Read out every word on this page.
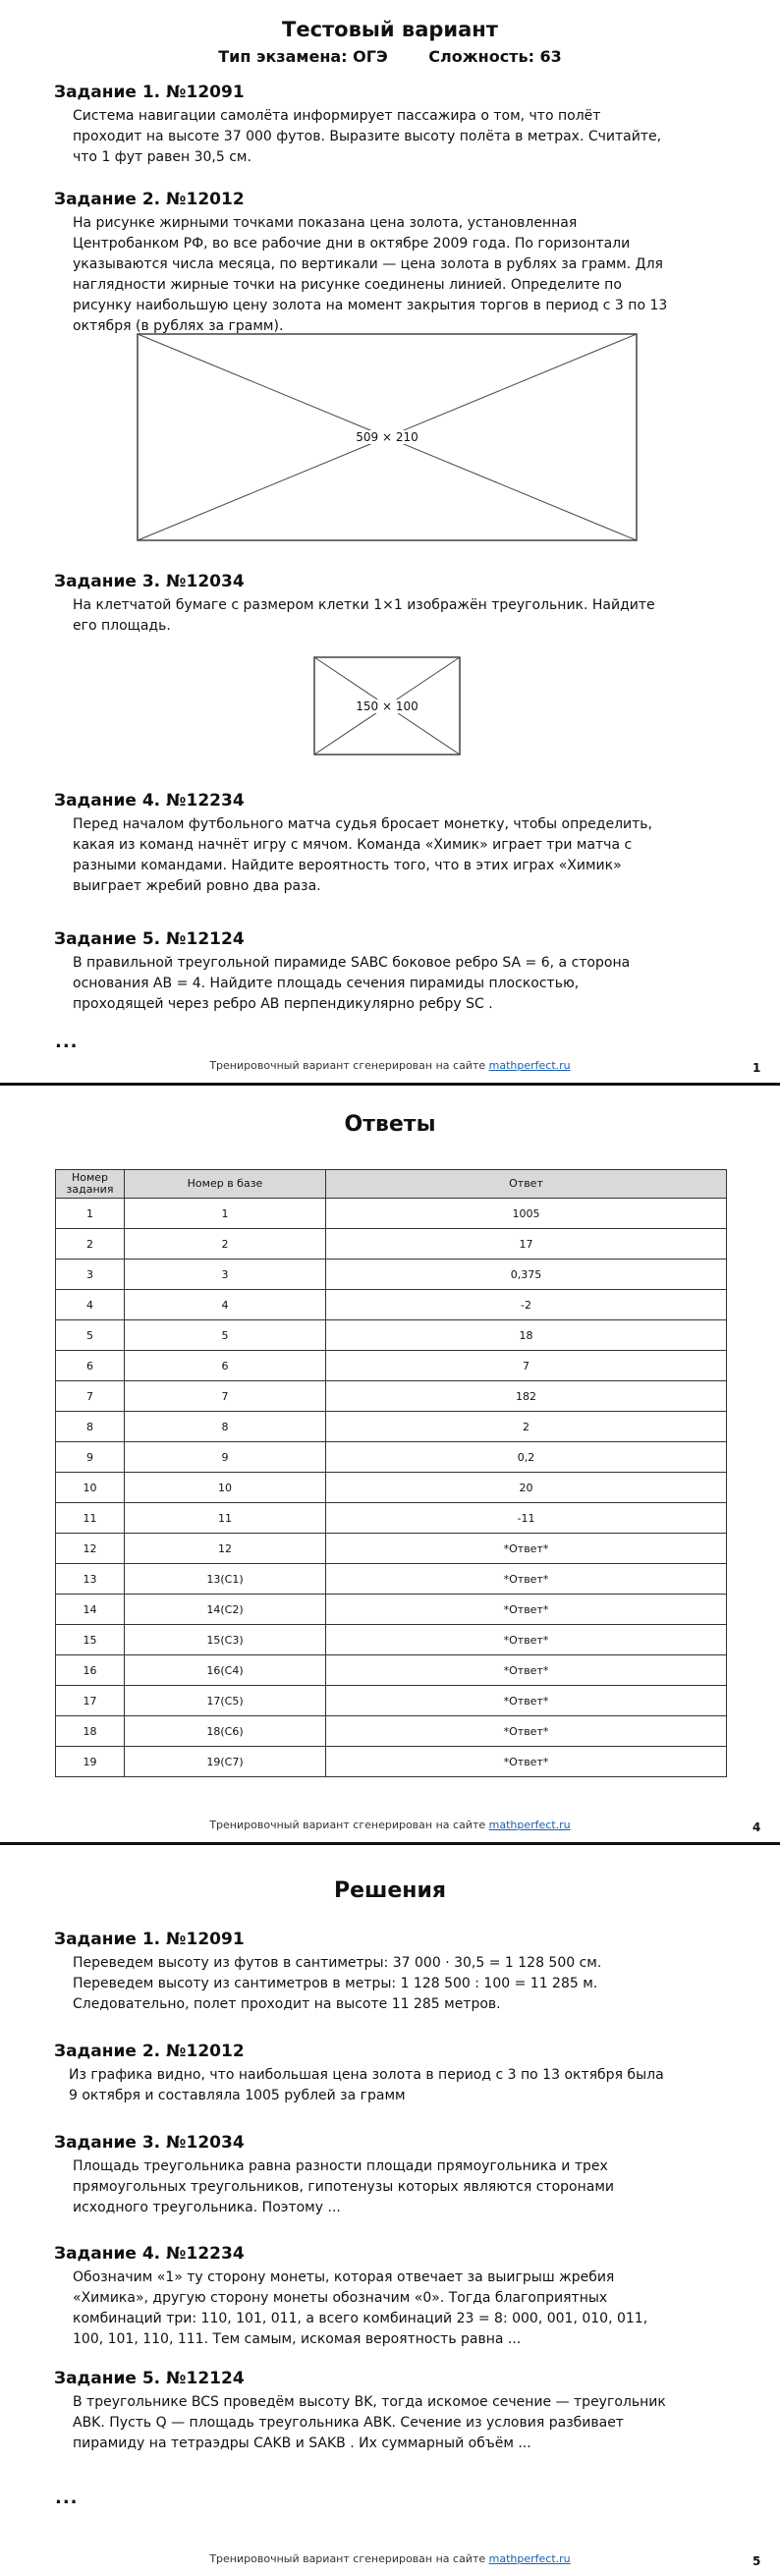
Тестовый вариант
Тип экзамена: ОГЭ	Сложность: 63
Задание 1. №12091
Система навигации самолёта информирует пассажира о том, что полёт проходит на высоте 37 000 футов. Выразите высоту полёта в метрах. Считайте, что 1 фут равен 30,5 см.
Задание 2. №12012
На рисунке жирными точками показана цена золота, установленная Центробанком РФ, во все рабочие дни в октябре 2009 года. По горизонтали указываются числа месяца, по вертикали — цена золота в рублях за грамм. Для наглядности жирные точки на рисунке соединены линией. Определите по рисунку наибольшую цену золота на момент закрытия торгов в период с 3 по 13 октября (в рублях за грамм).
509 × 210
Задание 3. №12034
На клетчатой бумаге с размером клетки 1×1 изображён треугольник. Найдите его площадь.
150 × 100
Задание 4. №12234
Перед началом футбольного матча судья бросает монетку, чтобы определить, какая из команд начнёт игру с мячом. Команда «Химик» играет три матча с разными командами. Найдите вероятность того, что в этих играх «Химик» выиграет жребий ровно два раза.
Задание 5. №12124
В правильной треугольной пирамиде SABC боковое ребро SA = 6, а сторона основания AB = 4. Найдите площадь сечения пирамиды плоскостью, проходящей через ребро AB перпендикулярно ребру SC .
...
Тренировочный вариант сгенерирован на сайте mathperfect.ru	1
Ответы
Тренировочный вариант сгенерирован на сайте mathperfect.ru	4
Номер задания	Номер в базе	Ответ
1	1	1005
2	2	17
3	3	0,375
4	4	-2
5	5	18
6	6	7
7	7	182
8	8	2
9	9	0,2
10	10	20
11	11	-11
12	12	*Ответ*
13	13(C1)	*Ответ*
14	14(C2)	*Ответ*
15	15(C3)	*Ответ*
16	16(C4)	*Ответ*
17	17(C5)	*Ответ*
18	18(C6)	*Ответ*
19	19(C7)	*Ответ*
Решения
Задание 1. №12091
Переведем высоту из футов в сантиметры: 37 000 · 30,5 = 1 128 500 см. Переведем высоту из сантиметров в метры: 1 128 500 : 100 = 11 285 м. Следовательно, полет проходит на высоте 11 285 метров.
Задание 2. №12012
Из графика видно, что наибольшая цена золота в период с 3 по 13 октября была 9 октября и составляла 1005 рублей за грамм
Задание 3. №12034
Площадь треугольника равна разности площади прямоугольника и трех прямоугольных треугольников, гипотенузы которых являются сторонами исходного треугольника. Поэтому ...
Задание 4. №12234
Обозначим «1» ту сторону монеты, которая отвечает за выигрыш жребия «Химика», другую сторону монеты обозначим «0». Тогда благоприятных комбинаций три: 110, 101, 011, а всего комбинаций 23 = 8: 000, 001, 010, 011, 100, 101, 110, 111. Тем самым, искомая вероятность равна ...
Задание 5. №12124
В треугольнике BCS проведём высоту BK, тогда искомое сечение — треугольник ABK. Пусть Q — площадь треугольника ABK. Сечение из условия разбивает пирамиду на тетраэдры CAKB и SAKB . Их суммарный объём ...
...
Тренировочный вариант сгенерирован на сайте mathperfect.ru	5
